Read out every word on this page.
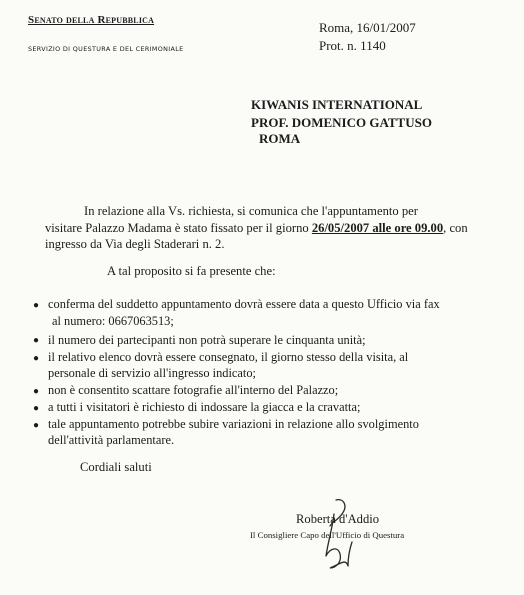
Senato della Repubblica
SERVIZIO DI QUESTURA E DEL CERIMONIALE
Roma, 16/01/2007
Prot. n. 1140
KIWANIS INTERNATIONAL
PROF. DOMENICO GATTUSO
ROMA
In relazione alla Vs. richiesta, si comunica che l'appuntamento per
visitare Palazzo Madama è stato fissato per il giorno 26/05/2007 alle ore 09.00, con
ingresso da Via degli Staderari n. 2.
A tal proposito si fa presente che:
● conferma del suddetto appuntamento dovrà essere data a questo Ufficio via fax
al numero: 0667063513;
● il numero dei partecipanti non potrà superare le cinquanta unità;
● il relativo elenco dovrà essere consegnato, il giorno stesso della visita, al
personale di servizio all'ingresso indicato;
● non è consentito scattare fotografie all'interno del Palazzo;
● a tutti i visitatori è richiesto di indossare la giacca e la cravatta;
● tale appuntamento potrebbe subire variazioni in relazione allo svolgimento
dell'attività parlamentare.
Cordiali saluti
Roberta d'Addio
Il Consigliere Capo dell'Ufficio di Questura
